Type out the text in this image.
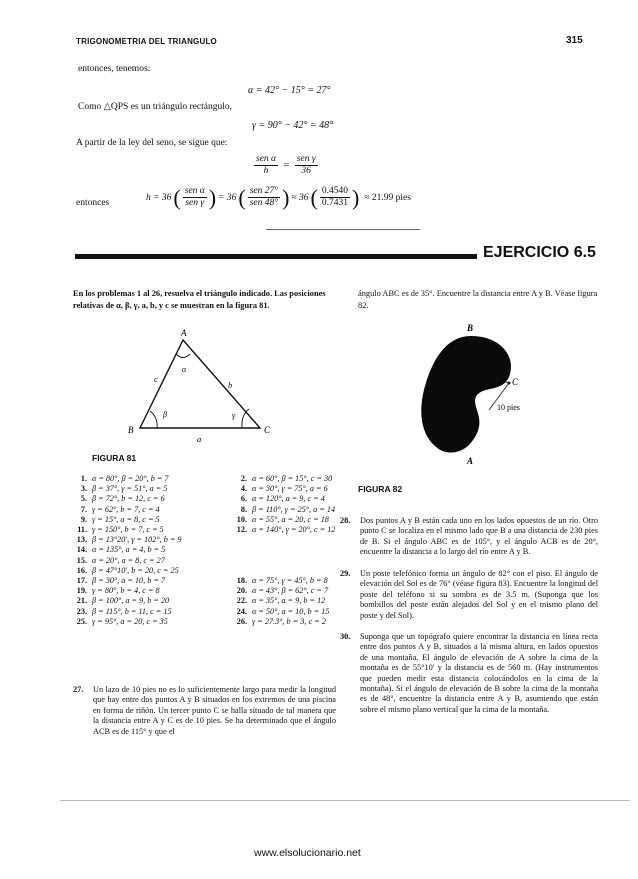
TRIGONOMETRIA DEL TRIANGULO	315
entonces, tenemos:
α = 42° − 15° = 27°
Como △QPS es un triángulo rectángulo,
γ = 90° − 42° = 48°
A partir de la ley del seno, se sigue que:
$\frac{\text{sen α}}{h} = \frac{\text{sen γ}}{36}$
entonces
h = 36 ( $\frac{\text{sen α}}{\text{sen γ}}$ ) = 36 ( $\frac{\text{sen 27°}}{\text{sen 48°}}$ ) ≈ 36 ( $\frac{0.4540}{0.7431}$ ) ≈ 21.99 pies
EJERCICIO 6.5
En los problemas 1 al 26, resuelva el triángulo indicado. Las posiciones relativas de α, β, γ, a, b, y c se muestran en la figura 81.
A
B	C
α
β	γ
c
b
a
FIGURA 81
1. α = 80°, β = 20°, b = 7	2. α = 60°, β = 15°, c = 30
3. β = 37°, γ = 51°, a = 5	4. α = 30°, γ = 75°, a = 6
5. β = 72°, b = 12, c = 6	6. α = 120°, a = 9, c = 4
7. γ = 62°, b = 7, c = 4	8. β = 110°, γ = 25°, a = 14
9. γ = 15°, a = 8, c = 5	10. α = 55°, a = 20, c = 18
11. γ = 150°, b = 7, c = 5	12. α = 140°, γ = 20°, c = 12
13. β = 13°20′, γ = 102°, b = 9
14. α = 135°, a = 4, b = 5
15. α = 20°, a = 8, c = 27
16. β = 47°10′, b = 20, c = 25
17. β = 30°, a = 10, b = 7	18. α = 75°, γ = 45°, b = 8
19. γ = 80°, b = 4, c = 8	20. α = 43°, β = 62°, c = 7
21. β = 100°, a = 9, b = 20	22. α = 35°, a = 9, b = 12
23. β = 115°, b = 11, c = 15	24. α = 50°, a = 10, b = 15
25. γ = 95°, a = 20, c = 35	26. γ = 27.3°, b = 3, c = 2
27. Un lazo de 10 pies no es lo suficientemente largo para medir la longitud que hay entre dos puntos A y B situados en los extremos de una piscina en forma de riñón. Un tercer punto C se halla situado de tal manera que la distancia entre A y C es de 10 pies. Se ha determinado que el ángulo ACB es de 115° y que el
ángulo ABC es de 35°. Encuentre la distancia entre A y B. Véase figura 82.
B
A
C
10 pies
FIGURA 82
28. Dos puntos A y B están cada uno en los lados opuestos de un río. Otro punto C se localiza en el mismo lado que B a una distancia de 230 pies de B. Si el ángulo ABC es de 105°, y el ángulo ACB es de 20°, encuentre la distancia a lo largo del río entre A y B.
29. Un poste telefónico forma un ángulo de 82° con el piso. El ángulo de elevación del Sol es de 76° (véase figura 83). Encuentre la longitud del poste del teléfono si su sombra es de 3.5 m. (Suponga que los bombillos del poste están alejados del Sol y en el mismo plano del poste y del Sol).
30. Suponga que un topógrafo quiere encontrar la distancia en línea recta entre dos puntos A y B, situados a la misma altura, en lados opuestos de una montaña. El ángulo de elevación de A sobre la cima de la montaña es de 55°10′ y la distancia es de 560 m. (Hay instrumentos que pueden medir esta distancia colocándolos en la cima de la montaña). Si el ángulo de elevación de B sobre la cima de la montaña es de 48°, encuentre la distancia entre A y B, asumiendo que están sobre el mismo plano vertical que la cima de la montaña.
www.elsolucionario.net
